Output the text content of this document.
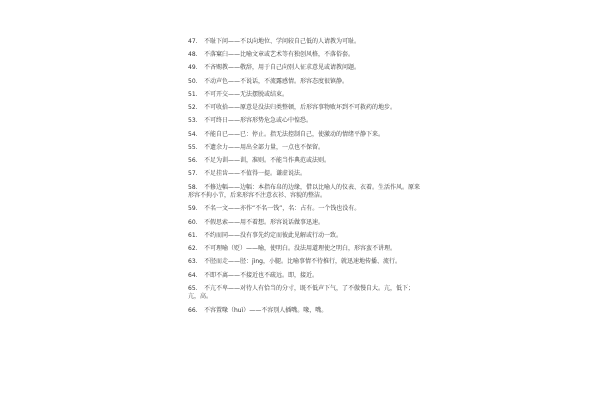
47. 不耻下问——不以向地位、学问较自己低的人请教为可耻。
48. 不落窠臼——比喻文章或艺术等有独创风格，不落俗套。
49. 不吝赐教——敬辞，用于自己向别人征求意见或请教问题。
50. 不动声色——不说话，不流露感情。形容态度很镇静。
51. 不可开交——无法摆脱或结束。
52. 不可收拾——原意是没法归类整顿，后形容事物败坏到不可救药的地步。
53. 不可终日——形容形势危急或心中惶恐。
54. 不能自已——已：停止。指无法控制自己，使激动的情绪平静下来。
55. 不遗余力——用出全部力量，一点也不保留。
56. 不足为训——训，准则。不能当作典范或法则。
57. 不足挂齿——不值得一提。谦虚说法。
58. 不修边幅——边幅：本指布帛的边缘，借以比喻人的仪表、衣着。生活作风。原来形容不拘小节，后来形容不注意衣衫、容貌的整洁。
59. 不名一文——亦作“不名一钱”，名：占有。一个钱也没有。
60. 不假思索——用不着想。形容说话做事迅速。
61. 不约而同——没有事先约定而彼此见解或行动一致。
62. 不可理喻（贬）——喻，使明白。没法用道理使之明白，形容蛮不讲理。
63. 不胫而走——胫：jìng，小腿。比喻事情不待推行，就迅速地传播、流行。
64. 不即不离——不接近也不疏远。即，接近。
65. 不亢不卑——对待人有恰当的分寸，既不低声下气，了不傲慢自大。亢，低下；亢，高。
66. 不容置喙（huì）——不容别人插嘴。喙，嘴。
